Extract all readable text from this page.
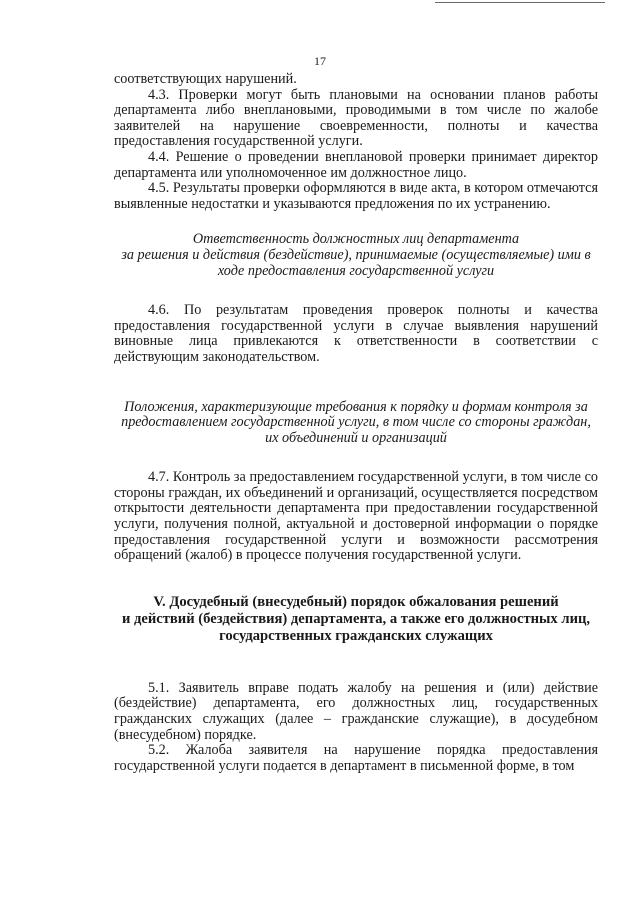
17

соответствующих нарушений.

4.3. Проверки могут быть плановыми на основании планов работы департамента либо внеплановыми, проводимыми в том числе по жалобе заявителей на нарушение своевременности, полноты и качества предоставления государственной услуги.

4.4. Решение о проведении внеплановой проверки принимает директор департамента или уполномоченное им должностное лицо.

4.5. Результаты проверки оформляются в виде акта, в котором отмечаются выявленные недостатки и указываются предложения по их устранению.

Ответственность должностных лиц департамента

за решения и действия (бездействие), принимаемые (осуществляемые) ими в

ходе предоставления государственной услуги

4.6. По результатам проведения проверок полноты и качества предоставления государственной услуги в случае выявления нарушений виновные лица привлекаются к ответственности в соответствии с действующим законодательством.

Положения, характеризующие требования к порядку и формам контроля за

предоставлением государственной услуги, в том числе со стороны граждан,

их объединений и организаций

4.7. Контроль за предоставлением государственной услуги, в том числе со стороны граждан, их объединений и организаций, осуществляется посредством открытости деятельности департамента при предоставлении государственной услуги, получения полной, актуальной и достоверной информации о порядке предоставления государственной услуги и возможности рассмотрения обращений (жалоб) в процессе получения государственной услуги.

V. Досудебный (внесудебный) порядок обжалования решений

и действий (бездействия) департамента, а также его должностных лиц,

государственных гражданских служащих

5.1. Заявитель вправе подать жалобу на решения и (или) действие (бездействие) департамента, его должностных лиц, государственных гражданских служащих (далее – гражданские служащие), в досудебном (внесудебном) порядке.

5.2. Жалоба заявителя на нарушение порядка предоставления государственной услуги подается в департамент в письменной форме, в том
